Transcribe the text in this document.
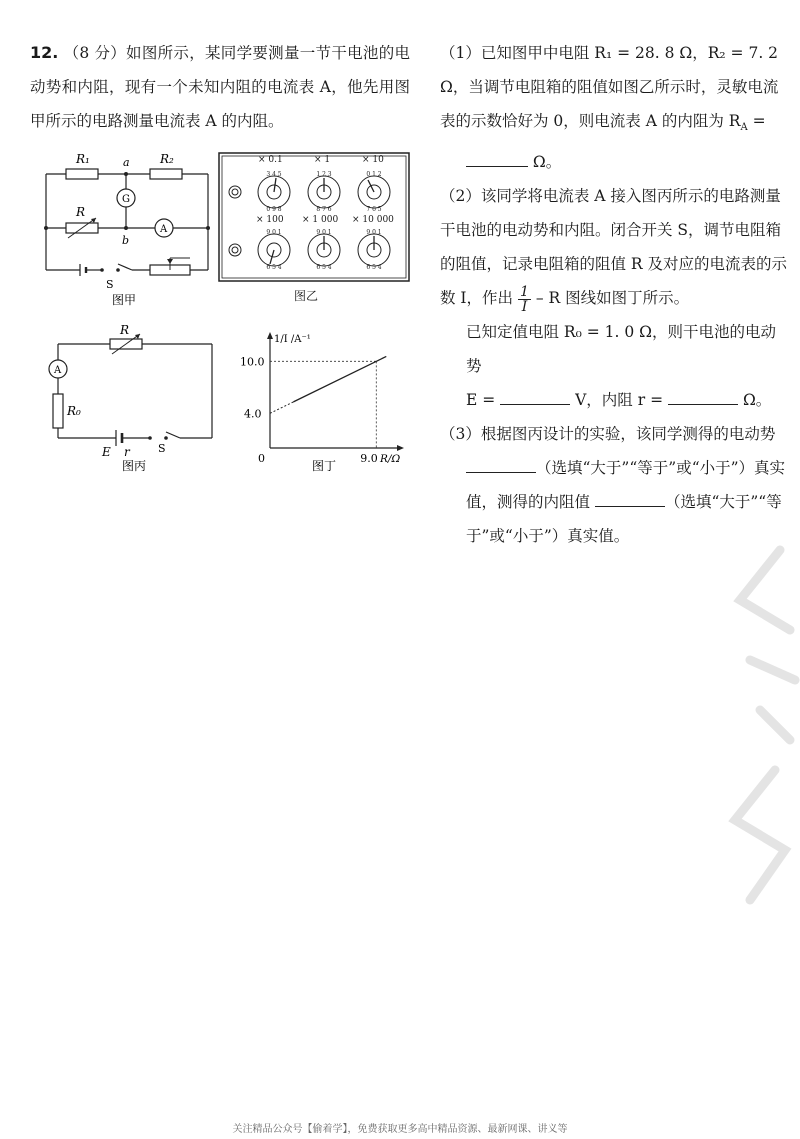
12. （8 分）如图所示，某同学要测量一节干电池的电动势和内阻，现有一个未知内阻的电流表 A，他先用图甲所示的电路测量电流表 A 的内阻。
R₁	R₂
a
b
G
A
R
S
图甲
3 4 5
0 9 8
1 2 3
8 7 6
0 1 2
7 6 5
9 0 1
6 5 4
9 0 1
6 5 4
9 0 1
6 5 4
× 0.1	× 1	× 10
× 100 × 1 000 × 10 000
图乙
R
A
R₀
E r	S
图丙
0	R/Ω
1/I /A⁻¹
4.0
10.0
9.0
图丁

（1）已知图甲中电阻 R₁ = 28. 8 Ω，R₂ = 7. 2 Ω，当调节电阻箱的阻值如图乙所示时，灵敏电流表的示数恰好为 0，则电流表 A 的内阻为 $R_A$ =

Ω。

（2）该同学将电流表 A 接入图丙所示的电路测量干电池的电动势和内阻。闭合开关 S，调节电阻箱的阻值，记录电阻箱的阻值 R 及对应的电流表的示数 I，作出 $\frac{1}{I}$ – R 图线如图丁所示。

已知定值电阻 R₀ = 1. 0 Ω，则干电池的电动势

E =	V，内阻 r =	Ω。

（3）根据图丙设计的实验，该同学测得的电动势

（选填“大于”“等于”或“小于”）真实值，测得的内阻值	（选填“大于”“等于”或“小于”）真实值。

关注精品公众号【偷着学】，免费获取更多高中精品资源、最新网课、讲义等
